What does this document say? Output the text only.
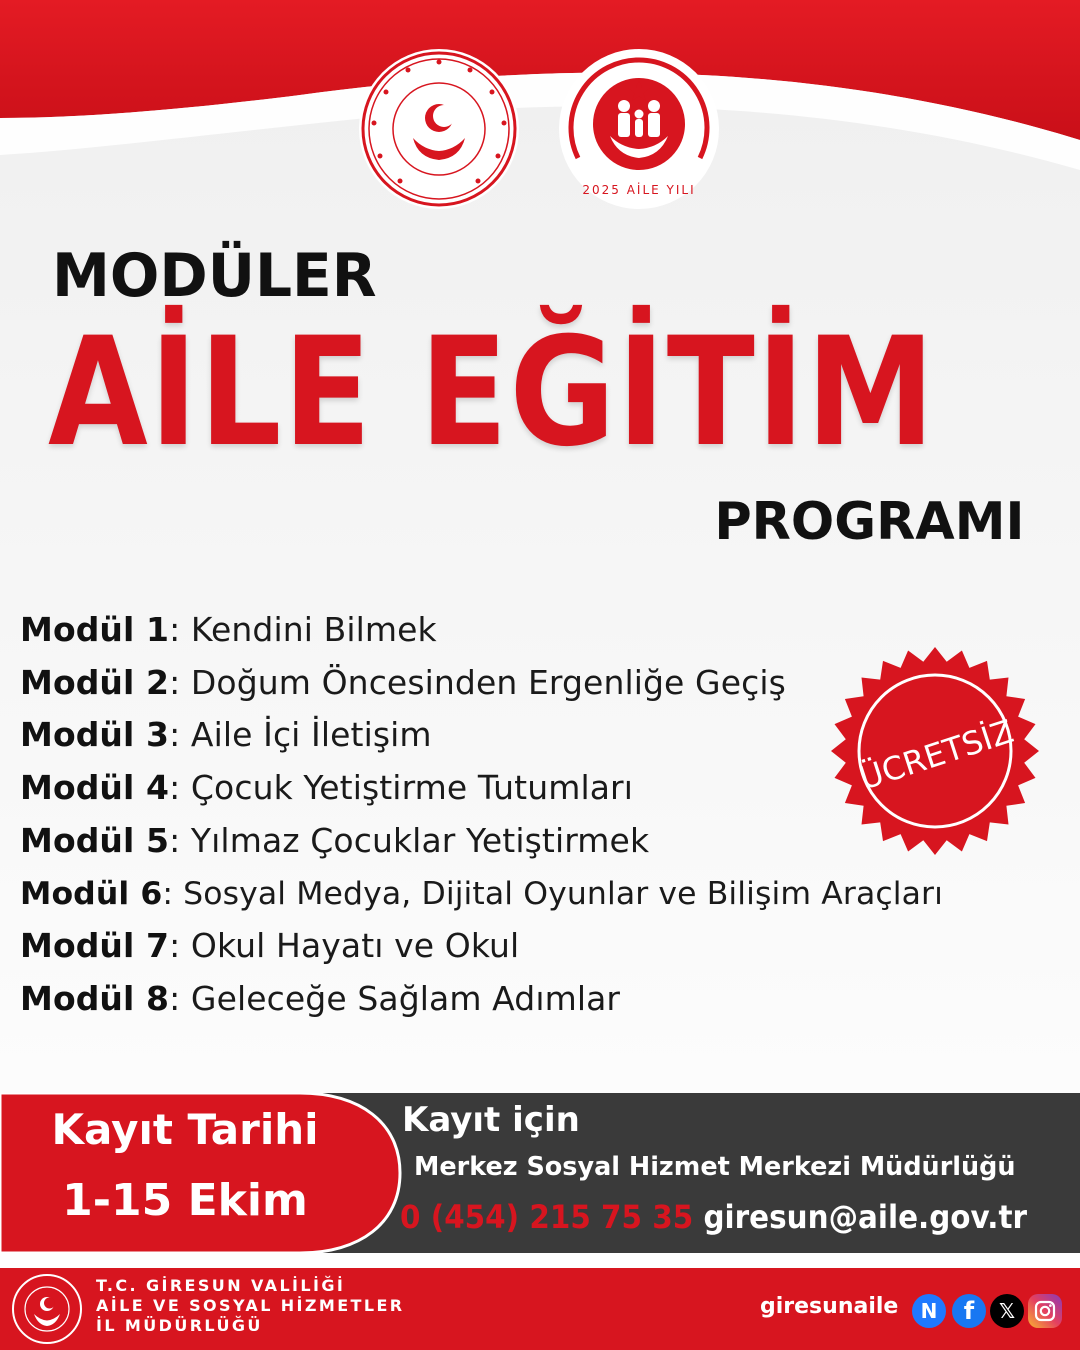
2025 AİLE YILI
MODÜLER
AİLE EĞİTİM
PROGRAMI
Modül 1: Kendini Bilmek
Modül 2: Doğum Öncesinden Ergenliğe Geçiş
Modül 3: Aile İçi İletişim
Modül 4: Çocuk Yetiştirme Tutumları
Modül 5: Yılmaz Çocuklar Yetiştirmek
Modül 6: Sosyal Medya, Dijital Oyunlar ve Bilişim Araçları
Modül 7: Okul Hayatı ve Okul
Modül 8: Geleceğe Sağlam Adımlar
ÜCRETSİZ
Kayıt Tarihi
1-15 Ekim
Kayıt için
Merkez Sosyal Hizmet Merkezi Müdürlüğü
0 (454) 215 75 35 giresun@aile.gov.tr
T.C. GİRESUN VALİLİĞİ
AİLE VE SOSYAL HİZMETLER
İL MÜDÜRLÜĞÜ
giresunaile	N	f	𝕏
